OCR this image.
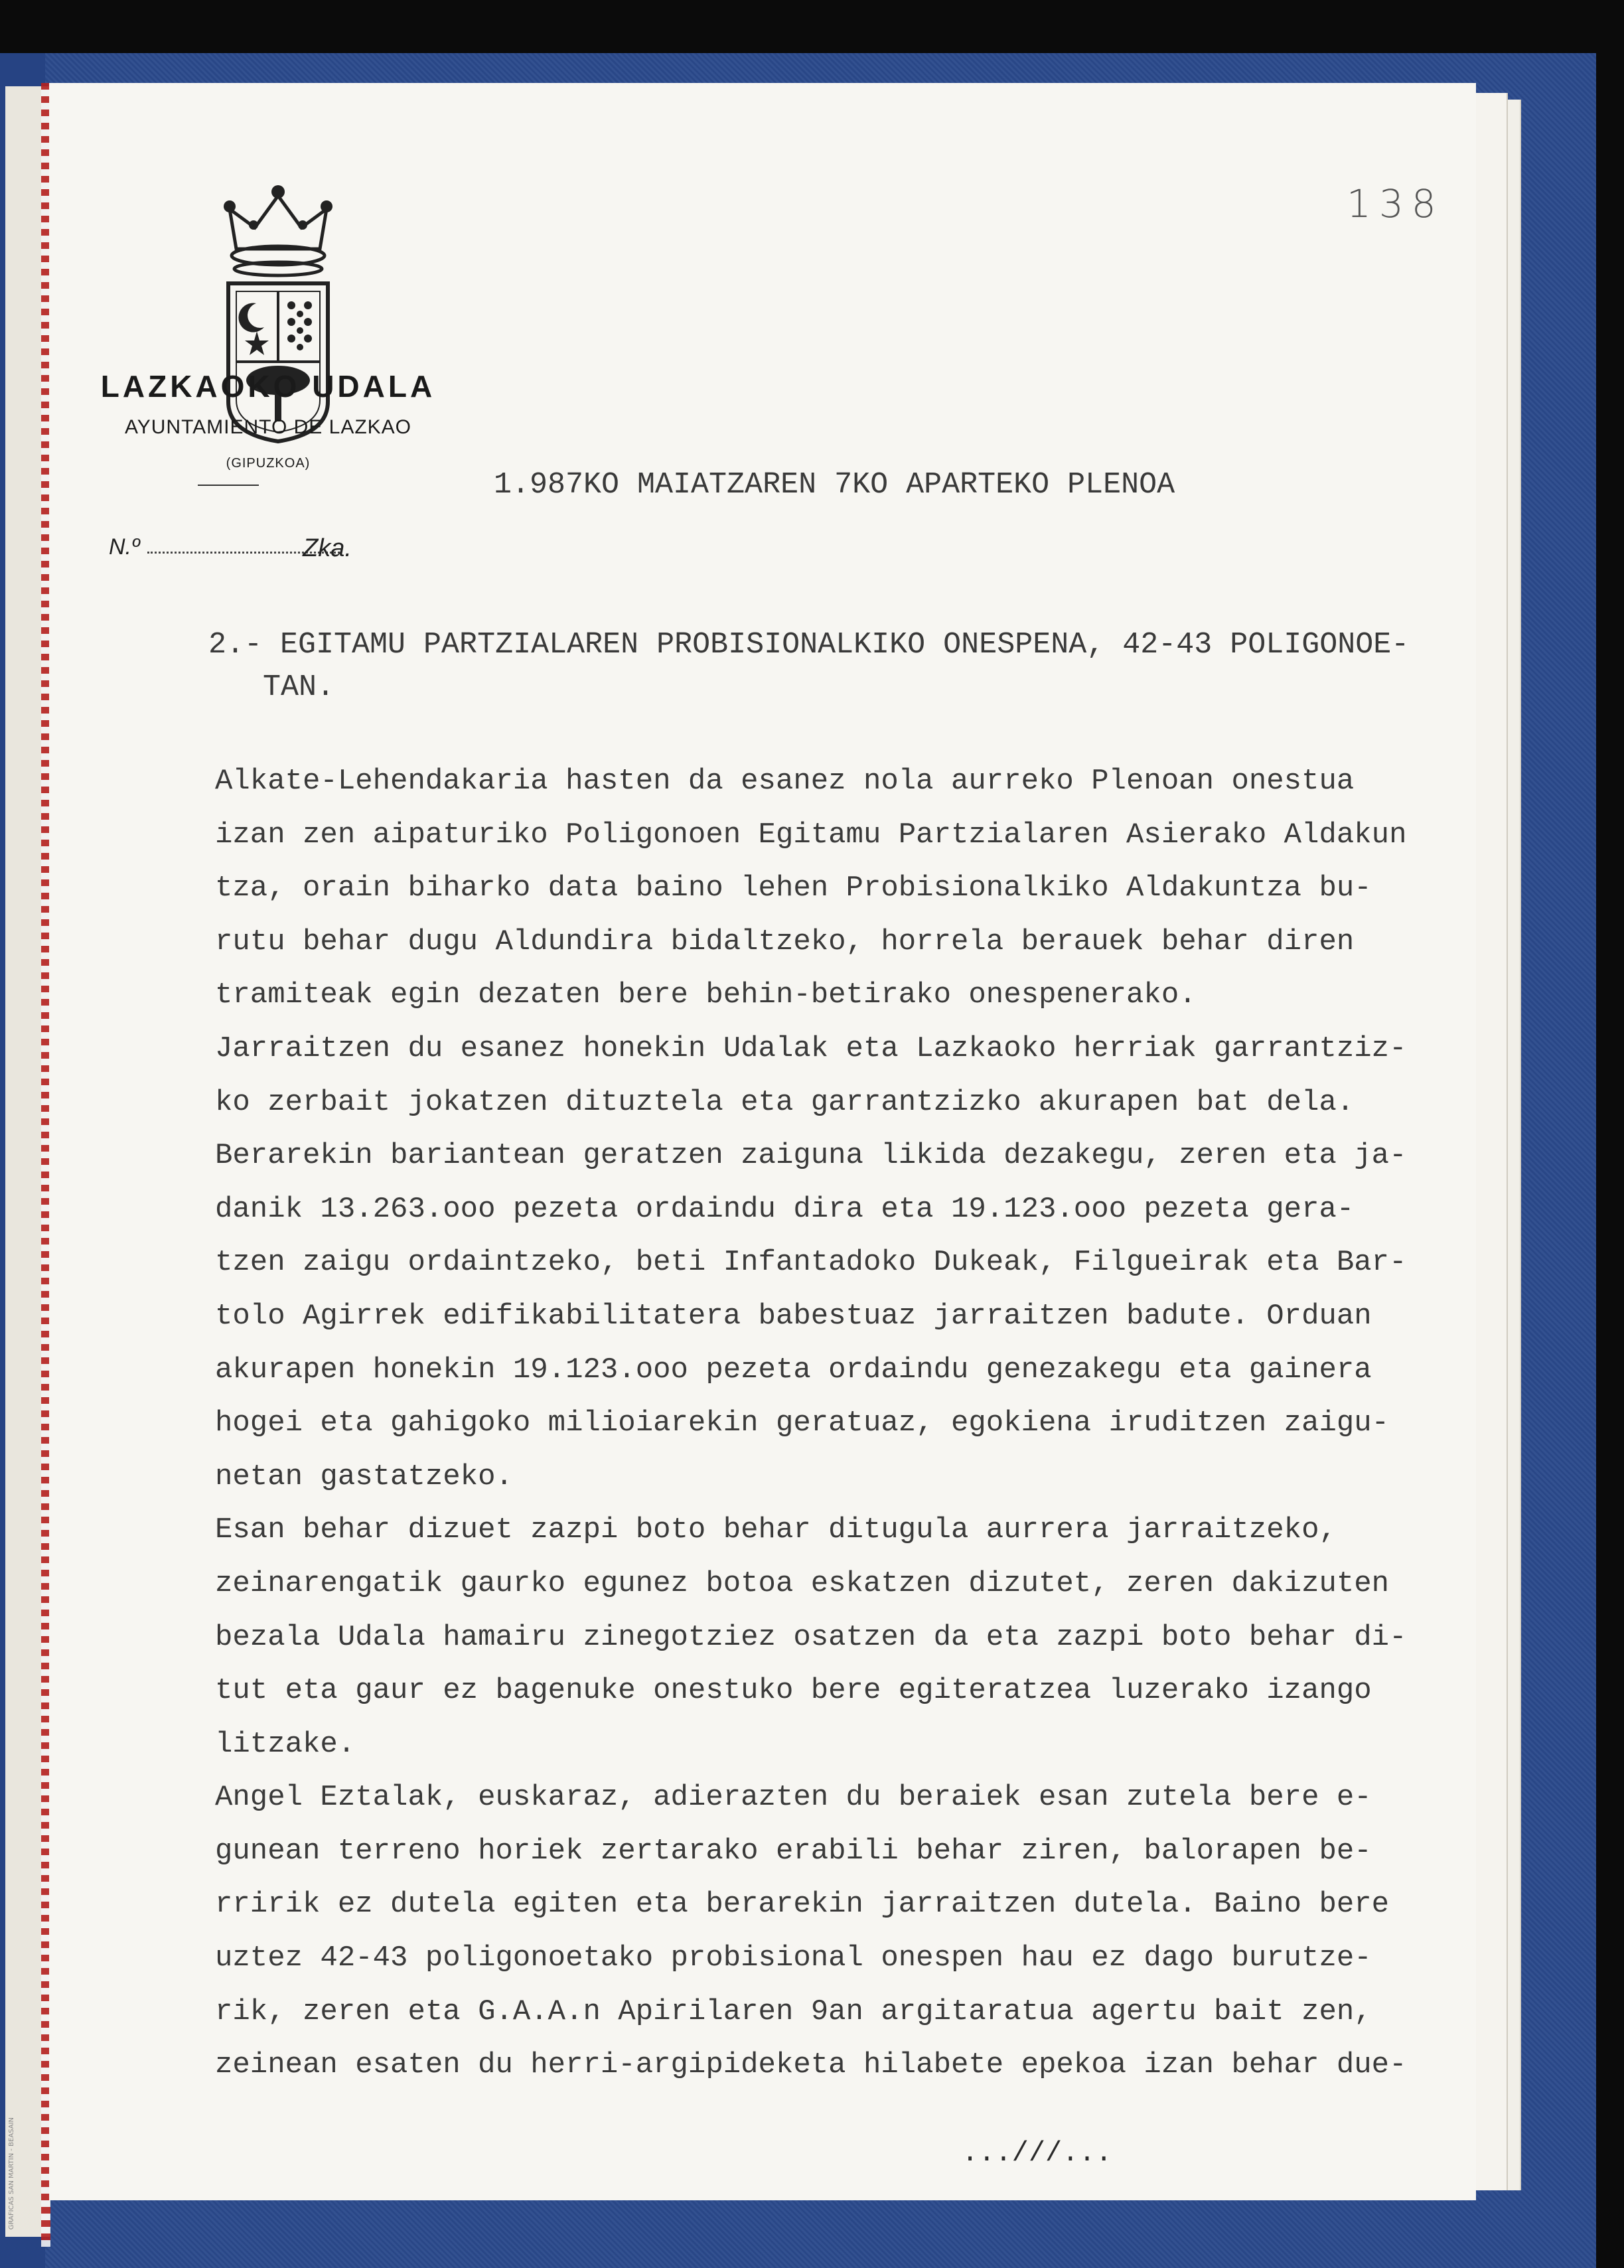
GRAFICAS SAN MARTIN - BEASAIN
LAZKAOKO UDALA
AYUNTAMIENTO DE LAZKAO
(GIPUZKOA)
138
N.º	Zka.
1.987KO MAIATZAREN 7KO APARTEKO PLENOA
2.- EGITAMU PARTZIALAREN PROBISIONALKIKO ONESPENA, 42-43 POLIGONOE-
TAN.
Alkate-Lehendakaria hasten da esanez nola aurreko Plenoan onestua
izan zen aipaturiko Poligonoen Egitamu Partzialaren Asierako Aldakun
tza, orain biharko data baino lehen Probisionalkiko Aldakuntza bu-
rutu behar dugu Aldundira bidaltzeko, horrela berauek behar diren
tramiteak egin dezaten bere behin-betirako onespenerako.
Jarraitzen du esanez honekin Udalak eta Lazkaoko herriak garrantziz-
ko zerbait jokatzen dituztela eta garrantzizko akurapen bat dela.
Berarekin bariantean geratzen zaiguna likida dezakegu, zeren eta ja-
danik 13.263.ooo pezeta ordaindu dira eta 19.123.ooo pezeta gera-
tzen zaigu ordaintzeko, beti Infantadoko Dukeak, Filgueirak eta Bar-
tolo Agirrek edifikabilitatera babestuaz jarraitzen badute. Orduan
akurapen honekin 19.123.ooo pezeta ordaindu genezakegu eta gainera
hogei eta gahigoko milioiarekin geratuaz, egokiena iruditzen zaigu-
netan gastatzeko.
Esan behar dizuet zazpi boto behar ditugula aurrera jarraitzeko,
zeinarengatik gaurko egunez botoa eskatzen dizutet, zeren dakizuten
bezala Udala hamairu zinegotziez osatzen da eta zazpi boto behar di-
tut eta gaur ez bagenuke onestuko bere egiteratzea luzerako izango
litzake.
Angel Eztalak, euskaraz, adierazten du beraiek esan zutela bere e-
gunean terreno horiek zertarako erabili behar ziren, balorapen be-
rririk ez dutela egiten eta berarekin jarraitzen dutela. Baino bere
uztez 42-43 poligonoetako probisional onespen hau ez dago burutze-
rik, zeren eta G.A.A.n Apirilaren 9an argitaratua agertu bait zen,
zeinean esaten du herri-argipideketa hilabete epekoa izan behar due-
...///...
